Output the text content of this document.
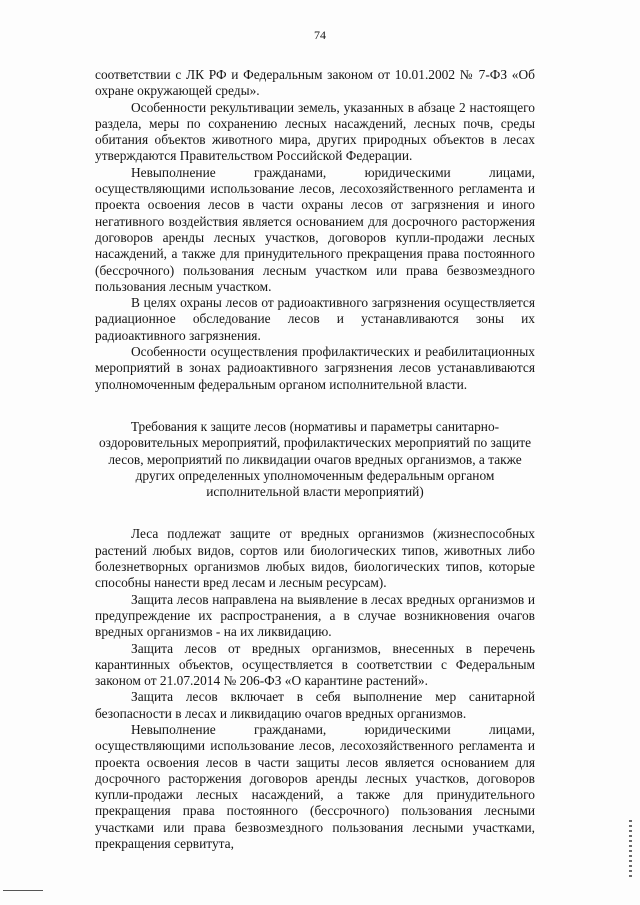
74

соответствии с ЛК РФ и Федеральным законом от 10.01.2002 № 7-ФЗ «Об охране окружающей среды».

Особенности рекультивации земель, указанных в абзаце 2 настоящего раздела, меры по сохранению лесных насаждений, лесных почв, среды обитания объектов животного мира, других природных объектов в лесах утверждаются Правительством Российской Федерации.

Невыполнение гражданами, юридическими лицами, осуществляющими использование лесов, лесохозяйственного регламента и проекта освоения лесов в части охраны лесов от загрязнения и иного негативного воздействия является основанием для досрочного расторжения договоров аренды лесных участков, договоров купли-продажи лесных насаждений, а также для принудительного прекращения права постоянного (бессрочного) пользования лесным участком или права безвозмездного пользования лесным участком.

В целях охраны лесов от радиоактивного загрязнения осуществляется радиационное обследование лесов и устанавливаются зоны их радиоактивного загрязнения.

Особенности осуществления профилактических и реабилитационных мероприятий в зонах радиоактивного загрязнения лесов устанавливаются уполномоченным федеральным органом исполнительной власти.

Требования к защите лесов (нормативы и параметры санитарно-оздоровительных мероприятий, профилактических мероприятий по защите лесов, мероприятий по ликвидации очагов вредных организмов, а также других определенных уполномоченным федеральным органом исполнительной власти мероприятий)

Леса подлежат защите от вредных организмов (жизнеспособных растений любых видов, сортов или биологических типов, животных либо болезнетворных организмов любых видов, биологических типов, которые способны нанести вред лесам и лесным ресурсам).

Защита лесов направлена на выявление в лесах вредных организмов и предупреждение их распространения, а в случае возникновения очагов вредных организмов - на их ликвидацию.

Защита лесов от вредных организмов, внесенных в перечень карантинных объектов, осуществляется в соответствии с Федеральным законом от 21.07.2014 № 206-ФЗ «О карантине растений».

Защита лесов включает в себя выполнение мер санитарной безопасности в лесах и ликвидацию очагов вредных организмов.

Невыполнение гражданами, юридическими лицами, осуществляющими использование лесов, лесохозяйственного регламента и проекта освоения лесов в части защиты лесов является основанием для досрочного расторжения договоров аренды лесных участков, договоров купли-продажи лесных насаждений, а также для принудительного прекращения права постоянного (бессрочного) пользования лесными участками или права безвозмездного пользования лесными участками, прекращения сервитута,
